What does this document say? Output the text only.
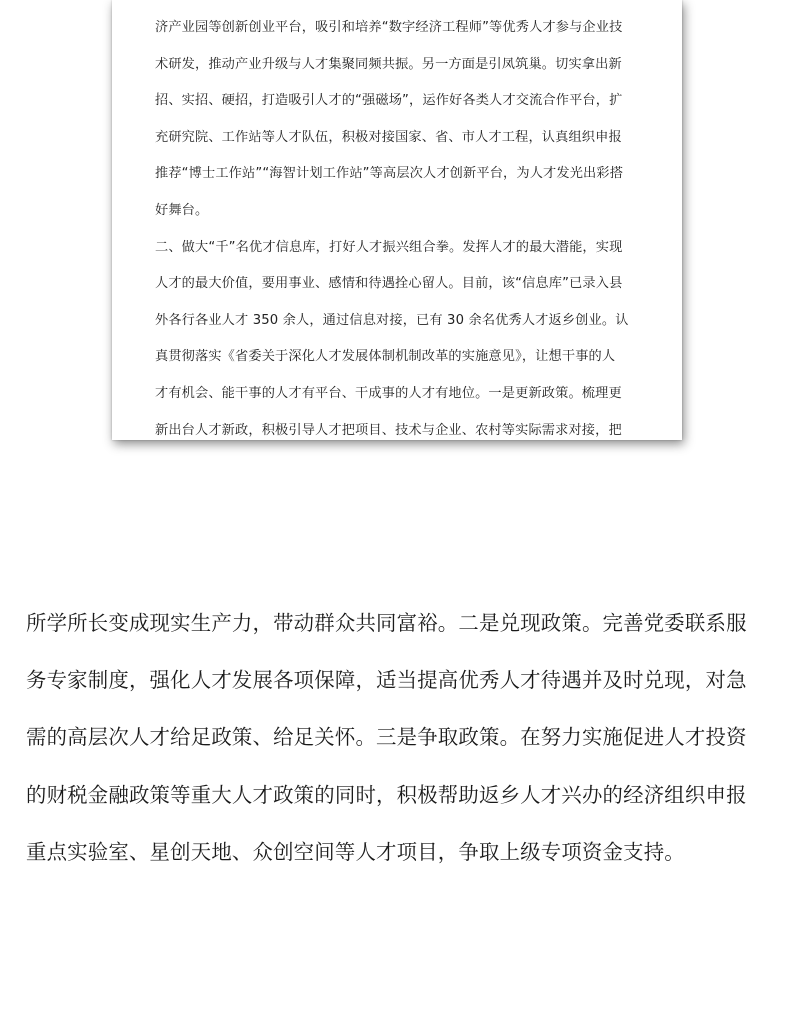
济产业园等创新创业平台，吸引和培养“数字经济工程师”等优秀人才参与企业技
术研发，推动产业升级与人才集聚同频共振。另一方面是引凤筑巢。切实拿出新
招、实招、硬招，打造吸引人才的“强磁场”，运作好各类人才交流合作平台，扩
充研究院、工作站等人才队伍，积极对接国家、省、市人才工程，认真组织申报
推荐“博士工作站”“海智计划工作站”等高层次人才创新平台，为人才发光出彩搭
好舞台。
二、做大“千”名优才信息库，打好人才振兴组合拳。发挥人才的最大潜能，实现
人才的最大价值，要用事业、感情和待遇拴心留人。目前，该“信息库”已录入县
外各行各业人才 350 余人，通过信息对接，已有 30 余名优秀人才返乡创业。认
真贯彻落实《省委关于深化人才发展体制机制改革的实施意见》，让想干事的人
才有机会、能干事的人才有平台、干成事的人才有地位。一是更新政策。梳理更
新出台人才新政，积极引导人才把项目、技术与企业、农村等实际需求对接，把
所学所长变成现实生产力，带动群众共同富裕。二是兑现政策。完善党委联系服
务专家制度，强化人才发展各项保障，适当提高优秀人才待遇并及时兑现，对急
需的高层次人才给足政策、给足关怀。三是争取政策。在努力实施促进人才投资
的财税金融政策等重大人才政策的同时，积极帮助返乡人才兴办的经济组织申报
重点实验室、星创天地、众创空间等人才项目，争取上级专项资金支持。
